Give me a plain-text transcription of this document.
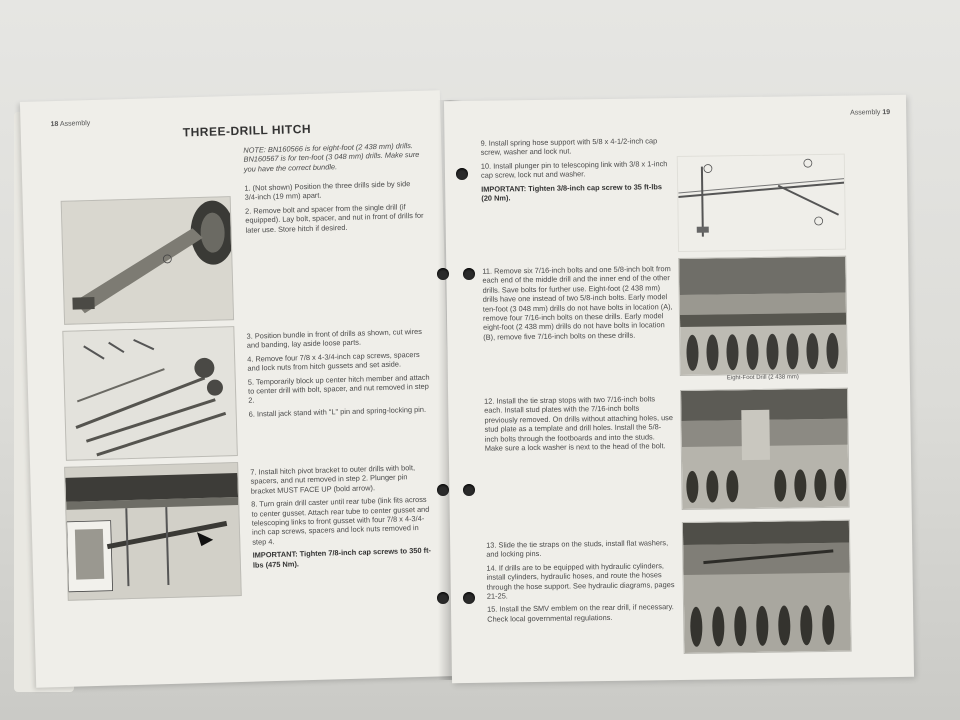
18 Assembly	THREE-DRILL HITCH
NOTE: BN160566 is for eight-foot (2 438 mm) drills. BN160567 is for ten-foot (3 048 mm) drills. Make sure you have the correct bundle.

1. (Not shown) Position the three drills side by side 3/4-inch (19 mm) apart.

2. Remove bolt and spacer from the single drill (if equipped). Lay bolt, spacer, and nut in front of drills for later use. Store hitch if desired.

3. Position bundle in front of drills as shown, cut wires and banding, lay aside loose parts.

4. Remove four 7/8 x 4-3/4-inch cap screws, spacers and lock nuts from hitch gussets and set aside.

5. Temporarily block up center hitch member and attach to center drill with bolt, spacer, and nut removed in step 2.

6. Install jack stand with "L" pin and spring-locking pin.

7. Install hitch pivot bracket to outer drills with bolt, spacers, and nut removed in step 2. Plunger pin bracket MUST FACE UP (bold arrow).

8. Turn grain drill caster until rear tube (link fits across to center gusset. Attach rear tube to center gusset and telescoping links to front gusset with four 7/8 x 4-3/4-inch cap screws, spacers and lock nuts removed in step 4.

IMPORTANT: Tighten 7/8-inch cap screws to 350 ft-lbs (475 Nm).

Assembly 19

9. Install spring hose support with 5/8 x 4-1/2-inch cap screw, washer and lock nut.

10. Install plunger pin to telescoping link with 3/8 x 1-inch cap screw, lock nut and washer.

IMPORTANT: Tighten 3/8-inch cap screw to 35 ft-lbs (20 Nm).

11. Remove six 7/16-inch bolts and one 5/8-inch bolt from each end of the middle drill and the inner end of the other drills. Save bolts for further use. Eight-foot (2 438 mm) drills have one instead of two 5/8-inch bolts. Early model ten-foot (3 048 mm) drills do not have bolts in location (A), remove four 7/16-inch bolts on these drills. Early model eight-foot (2 438 mm) drills do not have bolts in location (B), remove five 7/16-inch bolts on these drills.

Eight-Foot Drill (2 438 mm)

12. Install the tie strap stops with two 7/16-inch bolts each. Install stud plates with the 7/16-inch bolts previously removed. On drills without attaching holes, use stud plate as a template and drill holes. Install the 5/8-inch bolts through the footboards and into the studs. Make sure a lock washer is next to the head of the bolt.

13. Slide the tie straps on the studs, install flat washers, and locking pins.

14. If drills are to be equipped with hydraulic cylinders, install cylinders, hydraulic hoses, and route the hoses through the hose support. See hydraulic diagrams, pages 21-25.

15. Install the SMV emblem on the rear drill, if necessary. Check local governmental regulations.
